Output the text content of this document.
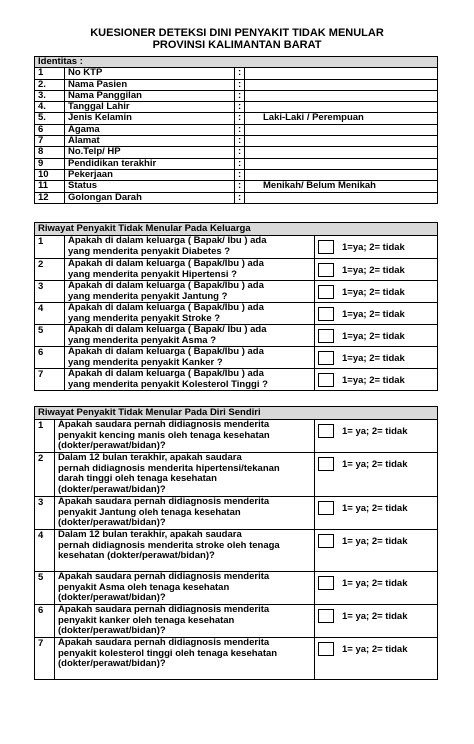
KUESIONER DETEKSI DINI PENYAKIT TIDAK MENULAR
PROVINSI KALIMANTAN BARAT
Identitas :			
1	No KTP	:	
2.	Nama Pasien	:	
3.	Nama Panggilan	:	
4.	Tanggal Lahir	:	
5.	Jenis Kelamin	:	Laki-Laki / Perempuan
6	Agama	:	
7	Alamat	:	
8	No.Telp/ HP	:	
9	Pendidikan terakhir	:	
10	Pekerjaan	:	
11	Status	:	Menikah/ Belum Menikah
12	Golongan Darah	:	
Riwayat Penyakit Tidak Menular Pada Keluarga		
1	Apakah di dalam keluarga ( Bapak/ Ibu ) ada
yang menderita penyakit Diabetes ?	1=ya; 2= tidak
2	Apakah di dalam keluarga ( Bapak/Ibu ) ada
yang menderita penyakit Hipertensi ?	1=ya; 2= tidak
3	Apakah di dalam keluarga ( Bapak/Ibu ) ada
yang menderita penyakit Jantung ?	1=ya; 2= tidak
4	Apakah di dalam keluarga ( Bapak/Ibu ) ada
yang menderita penyakit Stroke ?	1=ya; 2= tidak
5	Apakah di dalam keluarga ( Bapak/ Ibu ) ada
yang menderita penyakit Asma ?	1=ya; 2= tidak
6	Apakah di dalam keluarga ( Bapak/Ibu ) ada
yang menderita penyakit Kanker ?	1=ya; 2= tidak
7	Apakah di dalam keluarga ( Bapak/Ibu ) ada
yang menderita penyakit Kolesterol Tinggi ?	1=ya; 2= tidak
Riwayat Penyakit Tidak Menular Pada Diri Sendiri		
1	Apakah saudara pernah didiagnosis menderita
penyakit kencing manis oleh tenaga kesehatan
(dokter/perawat/bidan)?	1= ya; 2= tidak
2	Dalam 12 bulan terakhir, apakah saudara
pernah didiagnosis menderita hipertensi/tekanan
darah tinggi oleh tenaga kesehatan
(dokter/perawat/bidan)?	1= ya; 2= tidak
3	Apakah saudara pernah didiagnosis menderita
penyakit Jantung oleh tenaga kesehatan
(dokter/perawat/bidan)?	1= ya; 2= tidak
4	Dalam 12 bulan terakhir, apakah saudara
pernah didiagnosis menderita stroke oleh tenaga
kesehatan (dokter/perawat/bidan)?	1= ya; 2= tidak
5	Apakah saudara pernah didiagnosis menderita
penyakit Asma oleh tenaga kesehatan
(dokter/perawat/bidan)?	1= ya; 2= tidak
6	Apakah saudara pernah didiagnosis menderita
penyakit kanker oleh tenaga kesehatan
(dokter/perawat/bidan)?	1= ya; 2= tidak
7	Apakah saudara pernah didiagnosis menderita
penyakit kolesterol tinggi oleh tenaga kesehatan
(dokter/perawat/bidan)?	1= ya; 2= tidak
